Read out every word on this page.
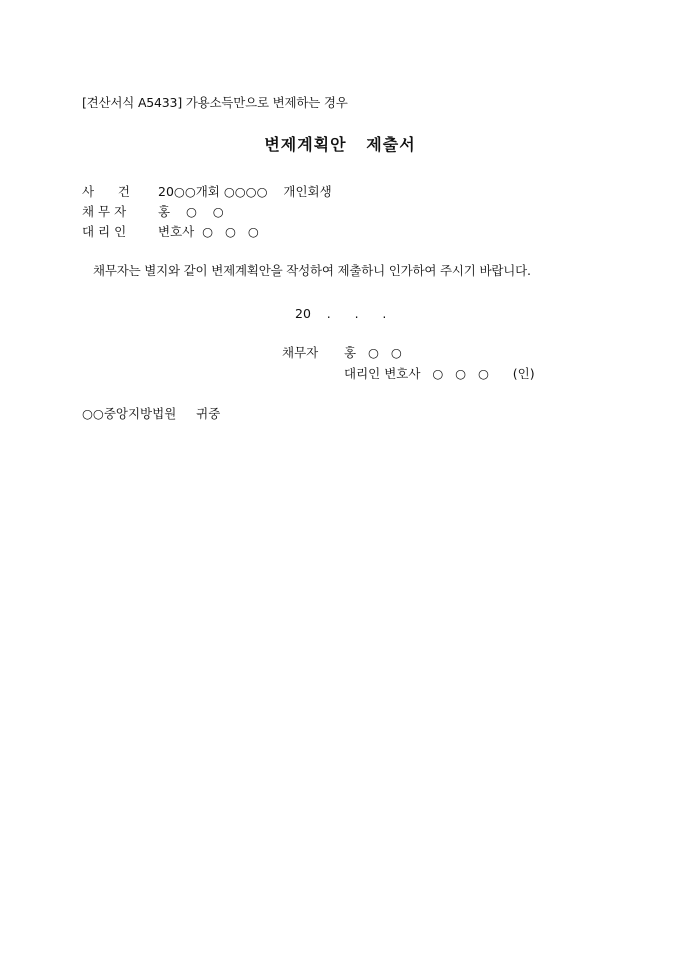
[견산서식 A5433] 가용소득만으로 변제하는 경우
변제계획안   제출서
사      건 20○○개회 ○○○○    개인회생
채 무 자	홍    ○    ○
대 리 인	변호사  ○   ○   ○
채무자는 별지와 같이 변제계획안을 작성하여 제출하니 인가하여 주시기 바랍니다.
20    .      .      .
채무자 홍   ○   ○
대리인 변호사   ○   ○   ○      (인)
○○중앙지방법원     귀중
